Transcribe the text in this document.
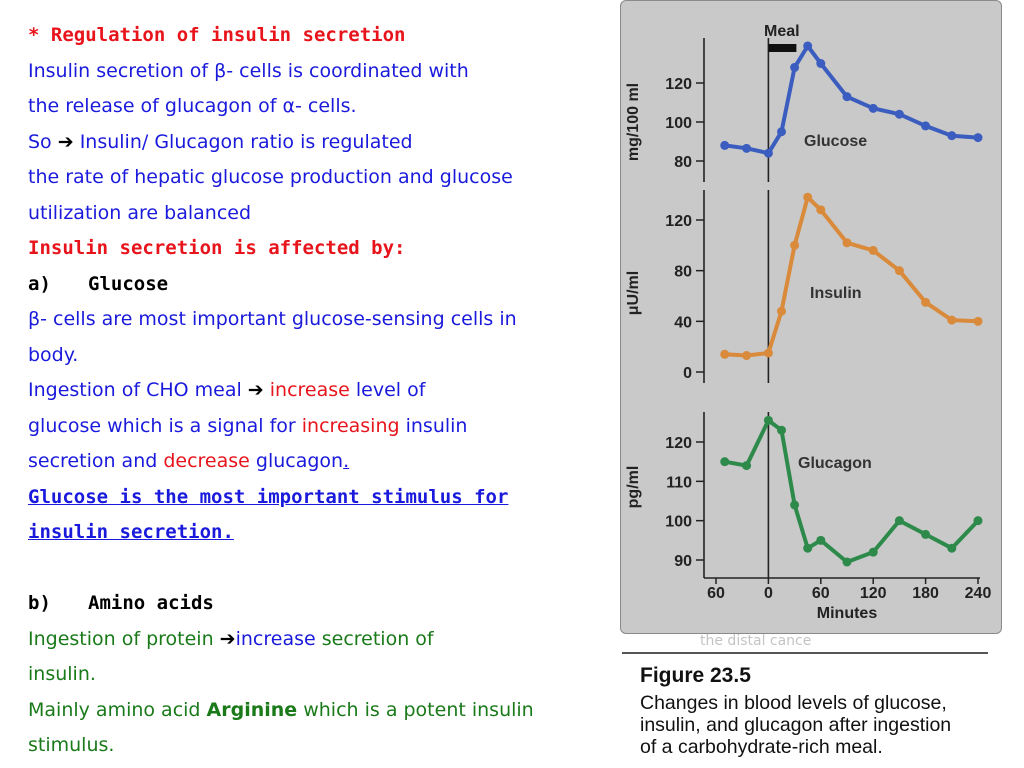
* Regulation of insulin secretion
Insulin secretion of β- cells is coordinated with
the release of glucagon of α- cells.
So ➔ Insulin/ Glucagon ratio is regulated
the rate of hepatic glucose production and glucose
utilization are balanced
Insulin secretion is affected by:
a) Glucose
β- cells are most important glucose-sensing cells in
body.
Ingestion of CHO meal ➔ increase level of
glucose which is a signal for increasing insulin
secretion and decrease glucagon.
Glucose is the most important stimulus for
insulin secretion.
b) Amino acids
Ingestion of protein ➔increase secretion of
insulin.
Mainly amino acid Arginine which is a potent insulin
stimulus.
80
100
120
mg/100 ml	Glucose
0
40
80
120
μU/ml	Insulin
90
100
110
120
pg/ml
Glucagon
60 0 60 120 180 240
Minutes
Meal
the distal cance
Figure 23.5
Changes in blood levels of glucose,
insulin, and glucagon after ingestion
of a carbohydrate-rich meal.
